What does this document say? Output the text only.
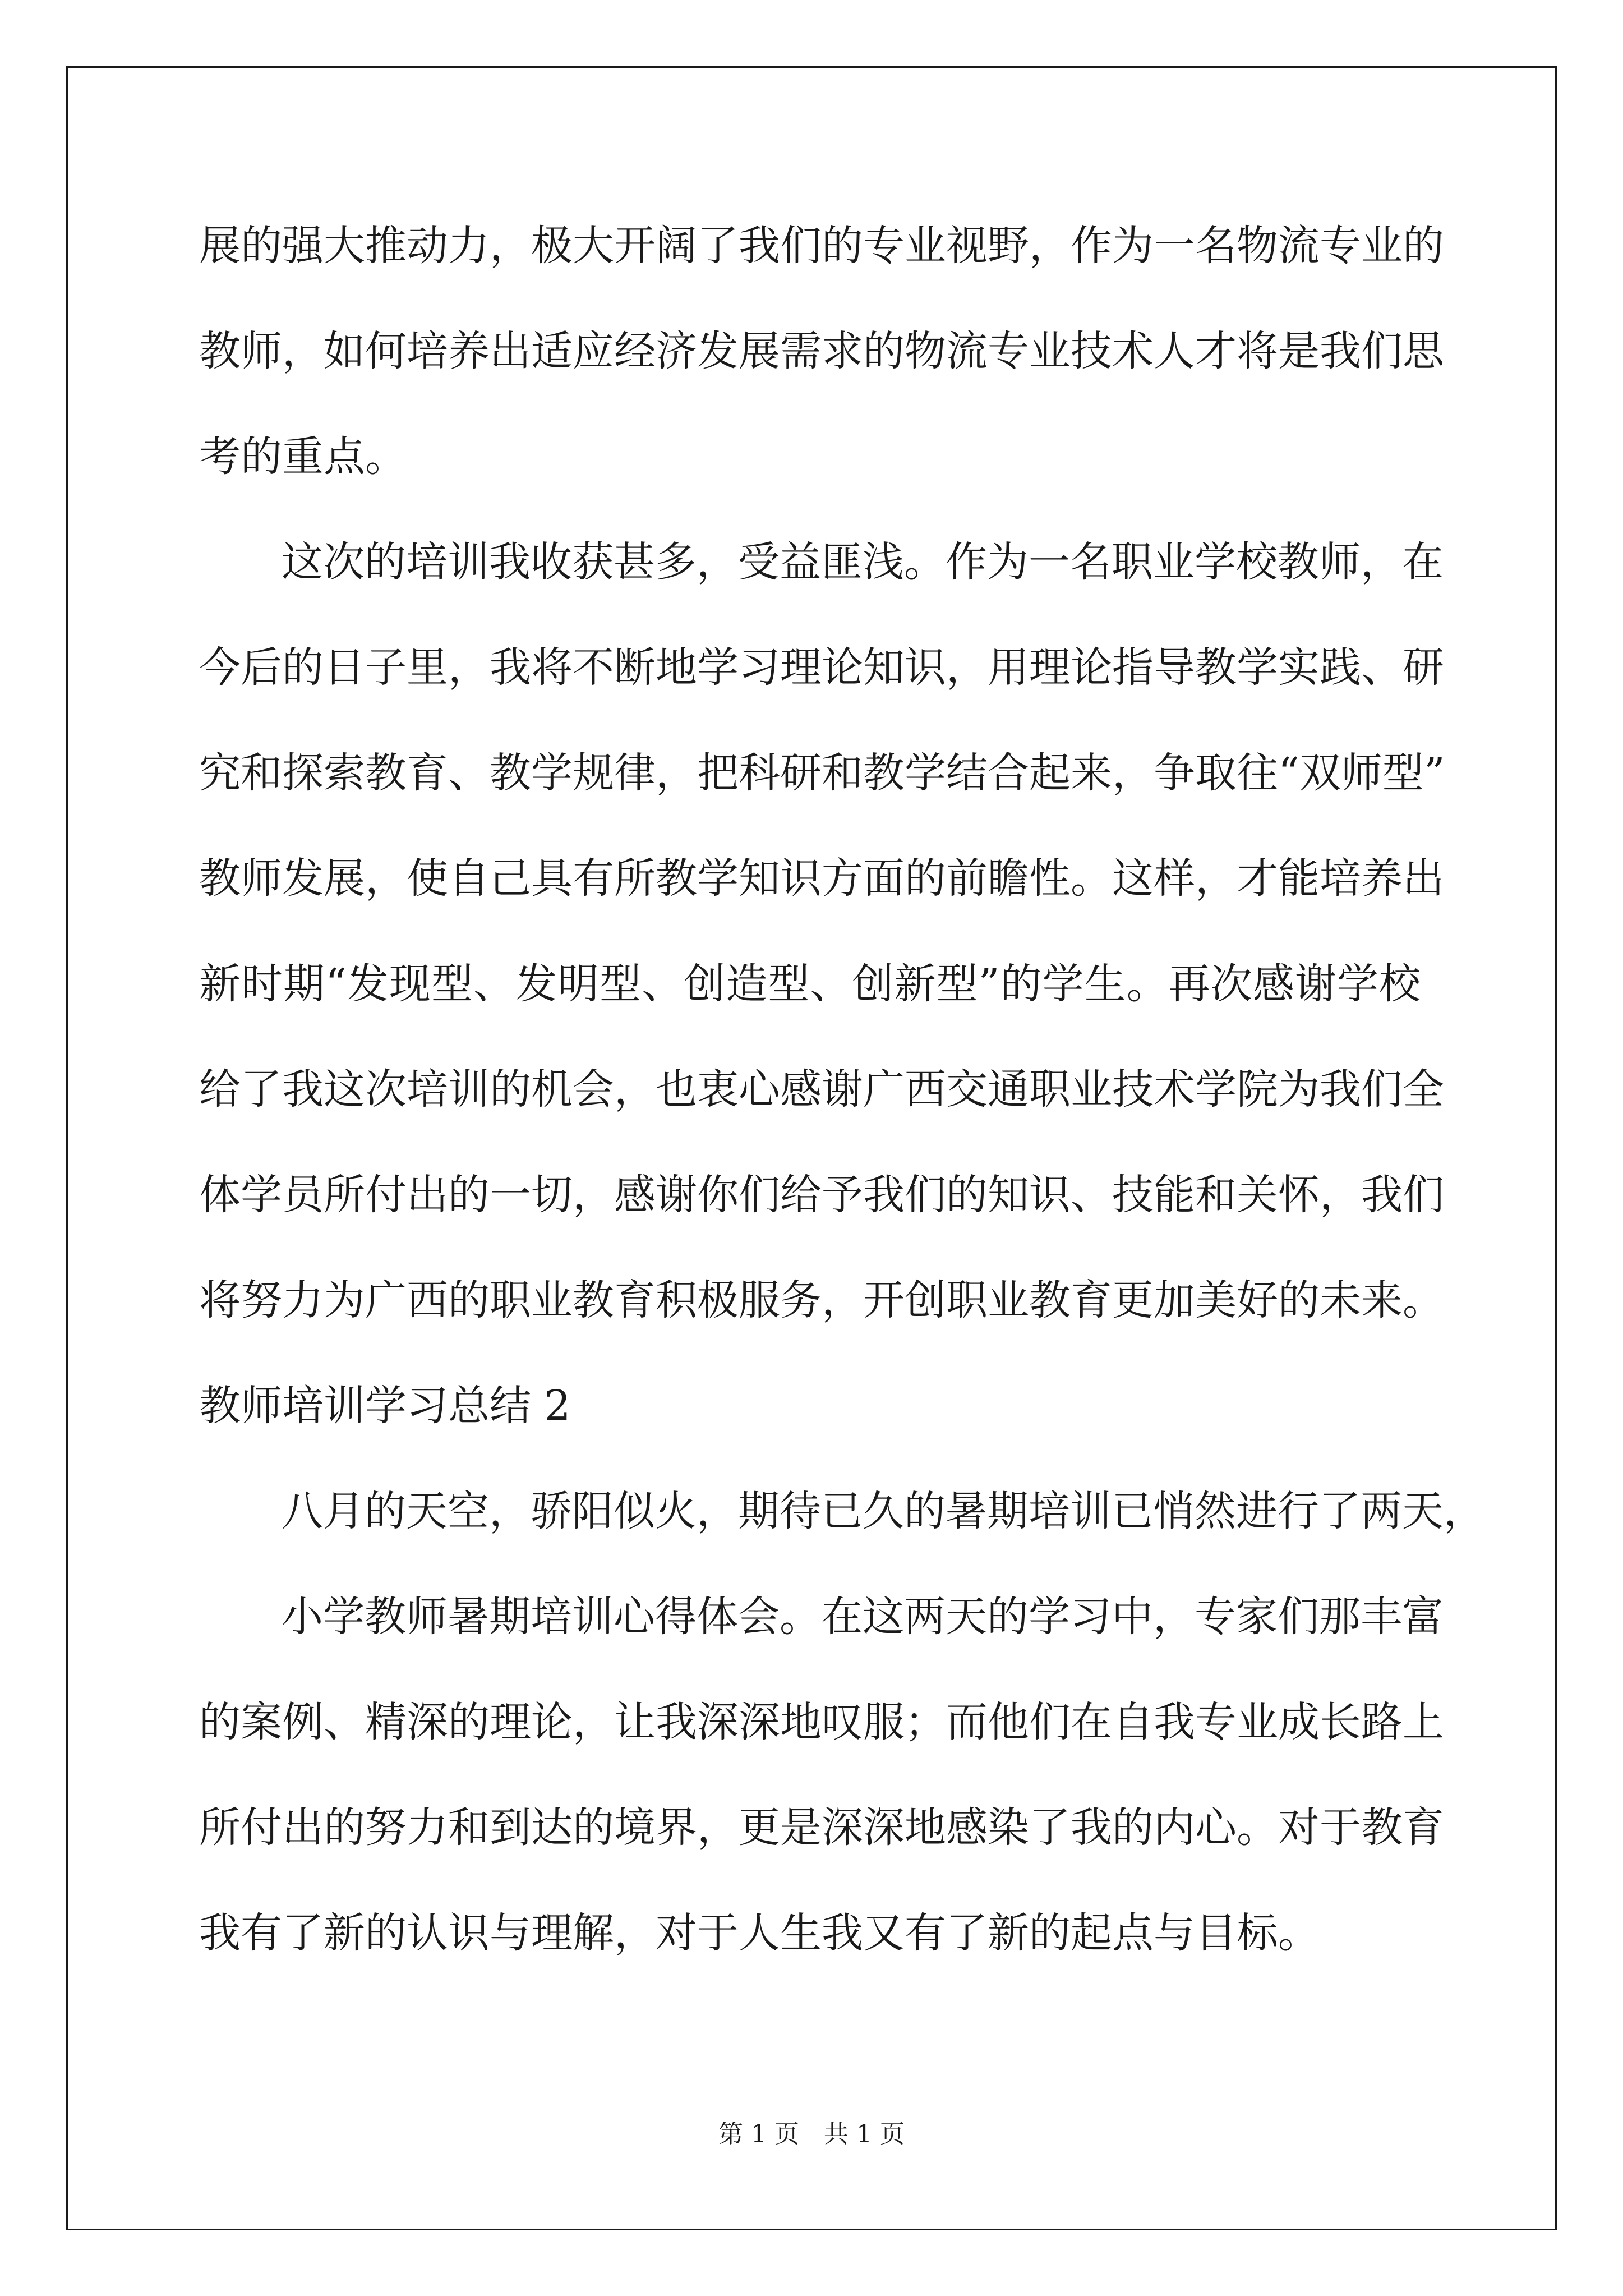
展的强大推动力，极大开阔了我们的专业视野，作为一名物流专业的
教师，如何培养出适应经济发展需求的物流专业技术人才将是我们思
考的重点。
这次的培训我收获甚多，受益匪浅。作为一名职业学校教师，在
今后的日子里，我将不断地学习理论知识，用理论指导教学实践、研
究和探索教育、教学规律，把科研和教学结合起来，争取往“双师型”
教师发展，使自己具有所教学知识方面的前瞻性。这样，才能培养出
新时期“发现型、发明型、创造型、创新型”的学生。再次感谢学校
给了我这次培训的机会，也衷心感谢广西交通职业技术学院为我们全
体学员所付出的一切，感谢你们给予我们的知识、技能和关怀，我们
将努力为广西的职业教育积极服务，开创职业教育更加美好的未来。
教师培训学习总结 2
八月的天空，骄阳似火，期待已久的暑期培训已悄然进行了两天，
小学教师暑期培训心得体会。在这两天的学习中，专家们那丰富
的案例、精深的理论，让我深深地叹服；而他们在自我专业成长路上
所付出的努力和到达的境界，更是深深地感染了我的内心。对于教育
我有了新的认识与理解，对于人生我又有了新的起点与目标。
第 1 页　共 1 页
